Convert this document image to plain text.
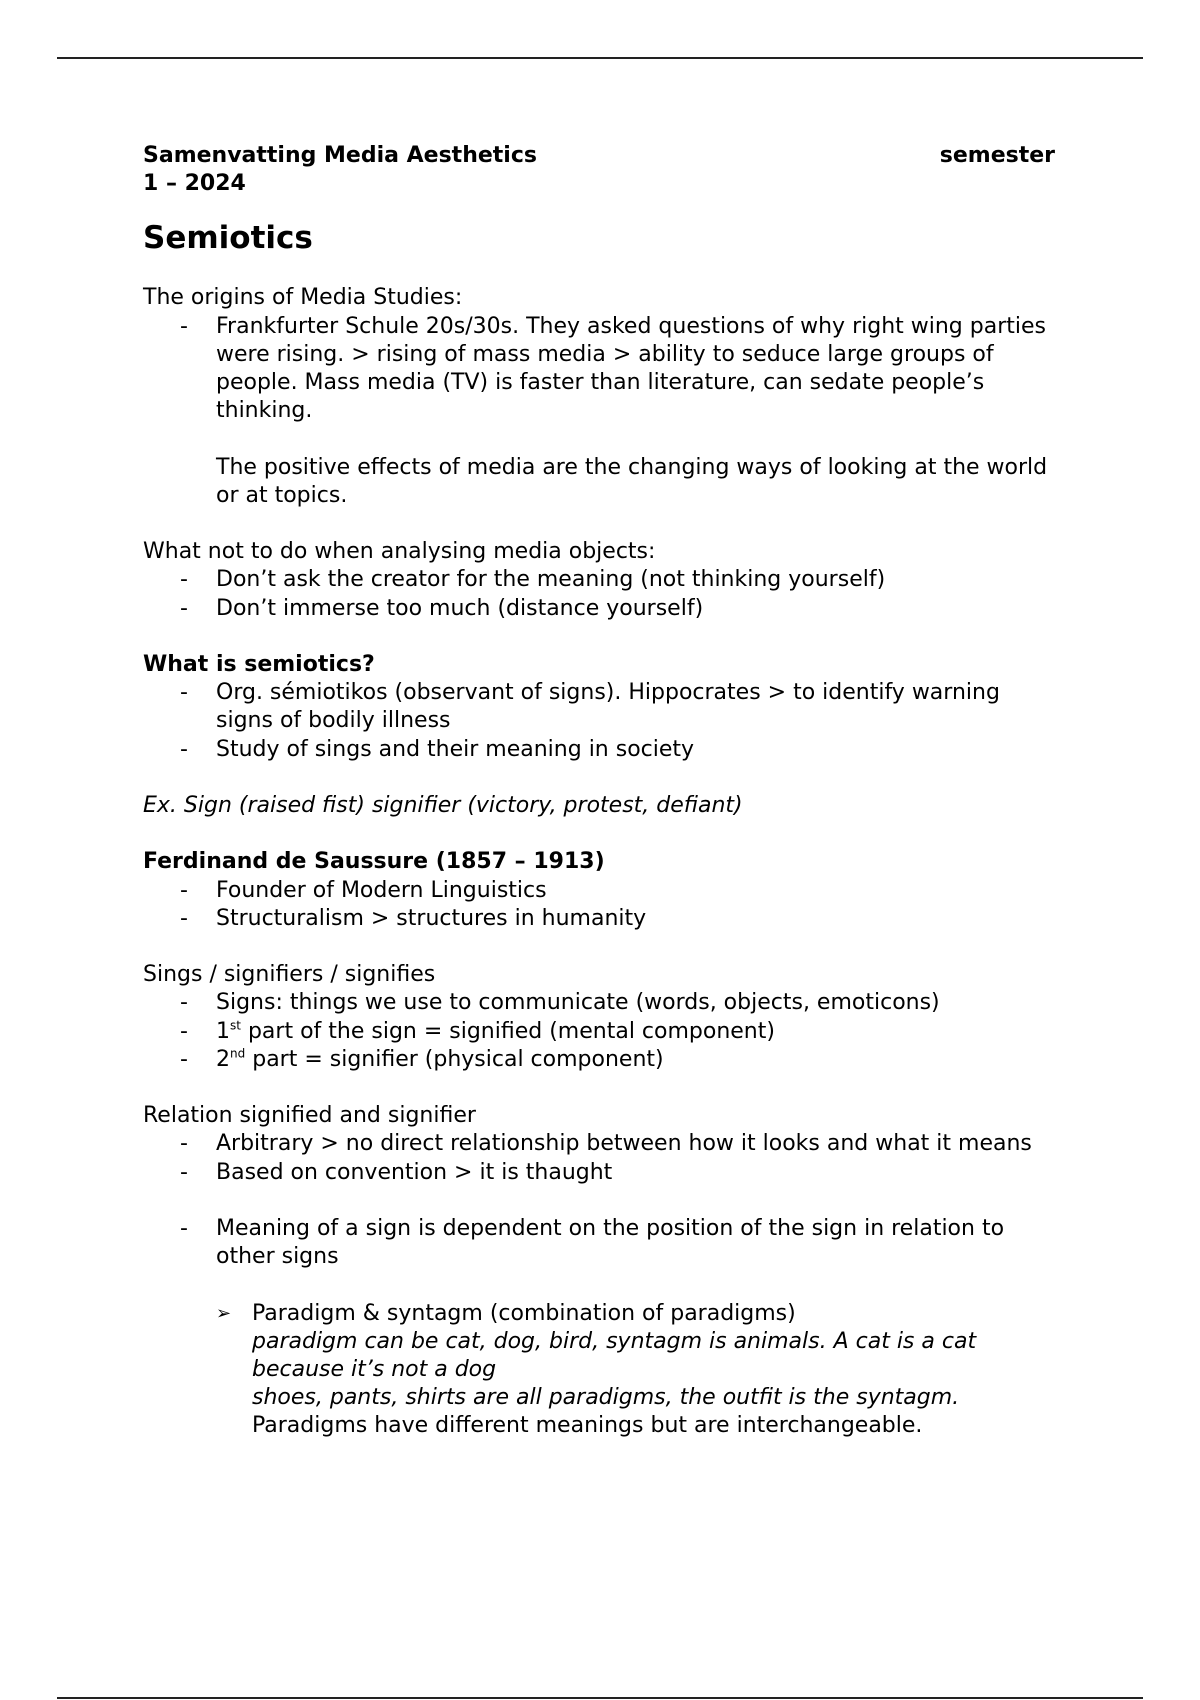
Samenvatting Media Aesthetics	semester
1 – 2024
Semiotics

The origins of Media Studies:

- Frankfurter Schule 20s/30s. They asked questions of why right wing parties were rising. > rising of mass media > ability to seduce large groups of people. Mass media (TV) is faster than literature, can sedate people’s thinking.

The positive effects of media are the changing ways of looking at the world or at topics.

What not to do when analysing media objects:

- Don’t ask the creator for the meaning (not thinking yourself)
- Don’t immerse too much (distance yourself)

What is semiotics?

- Org. sémiotikos (observant of signs). Hippocrates > to identify warning signs of bodily illness
- Study of sings and their meaning in society

Ex. Sign (raised fist) signifier (victory, protest, defiant)

Ferdinand de Saussure (1857 – 1913)

- Founder of Modern Linguistics
- Structuralism > structures in humanity

Sings / signifiers / signifies

- Signs: things we use to communicate (words, objects, emoticons)
- 1st part of the sign = signified (mental component)
- 2nd part = signifier (physical component)

Relation signified and signifier

- Arbitrary > no direct relationship between how it looks and what it means
- Based on convention > it is thaught
- Meaning of a sign is dependent on the position of the sign in relation to other signs
➢ Paradigm & syntagm (combination of paradigms)
paradigm can be cat, dog, bird, syntagm is animals. A cat is a cat because it’s not a dog
shoes, pants, shirts are all paradigms, the outfit is the syntagm.
Paradigms have different meanings but are interchangeable.
